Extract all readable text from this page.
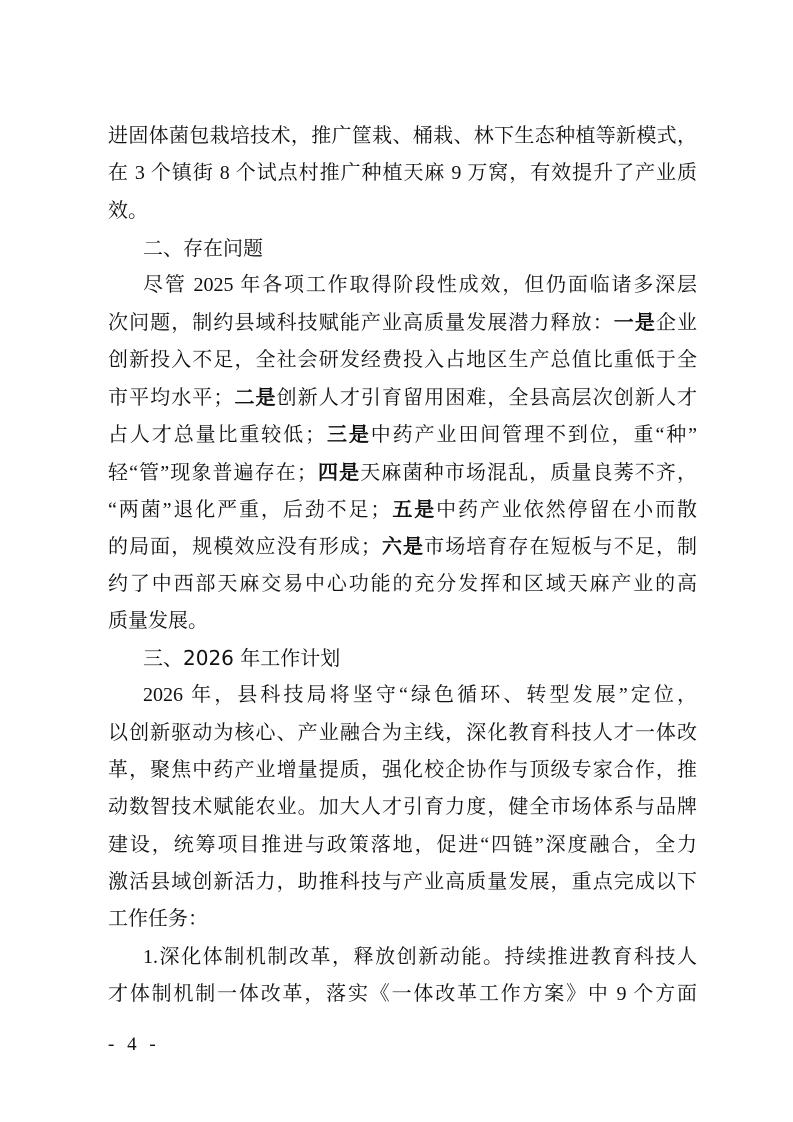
进固体菌包栽培技术，推广筐栽、桶栽、林下生态种植等新模式，
在 3 个镇街 8 个试点村推广种植天麻 9 万窝，有效提升了产业质
效。
二、存在问题
尽管 2025 年各项工作取得阶段性成效，但仍面临诸多深层
次问题，制约县域科技赋能产业高质量发展潜力释放：一是企业
创新投入不足，全社会研发经费投入占地区生产总值比重低于全
市平均水平；二是创新人才引育留用困难，全县高层次创新人才
占人才总量比重较低；三是中药产业田间管理不到位，重“种”
轻“管”现象普遍存在；四是天麻菌种市场混乱，质量良莠不齐，
“两菌”退化严重，后劲不足；五是中药产业依然停留在小而散
的局面，规模效应没有形成；六是市场培育存在短板与不足，制
约了中西部天麻交易中心功能的充分发挥和区域天麻产业的高
质量发展。
三、2026 年工作计划
2026 年，县科技局将坚守“绿色循环、转型发展”定位，
以创新驱动为核心、产业融合为主线，深化教育科技人才一体改
革，聚焦中药产业增量提质，强化校企协作与顶级专家合作，推
动数智技术赋能农业。加大人才引育力度，健全市场体系与品牌
建设，统筹项目推进与政策落地，促进“四链”深度融合，全力
激活县域创新活力，助推科技与产业高质量发展，重点完成以下
工作任务：
1.深化体制机制改革，释放创新动能。持续推进教育科技人
才体制机制一体改革，落实《一体改革工作方案》中 9 个方面
- 4 -
